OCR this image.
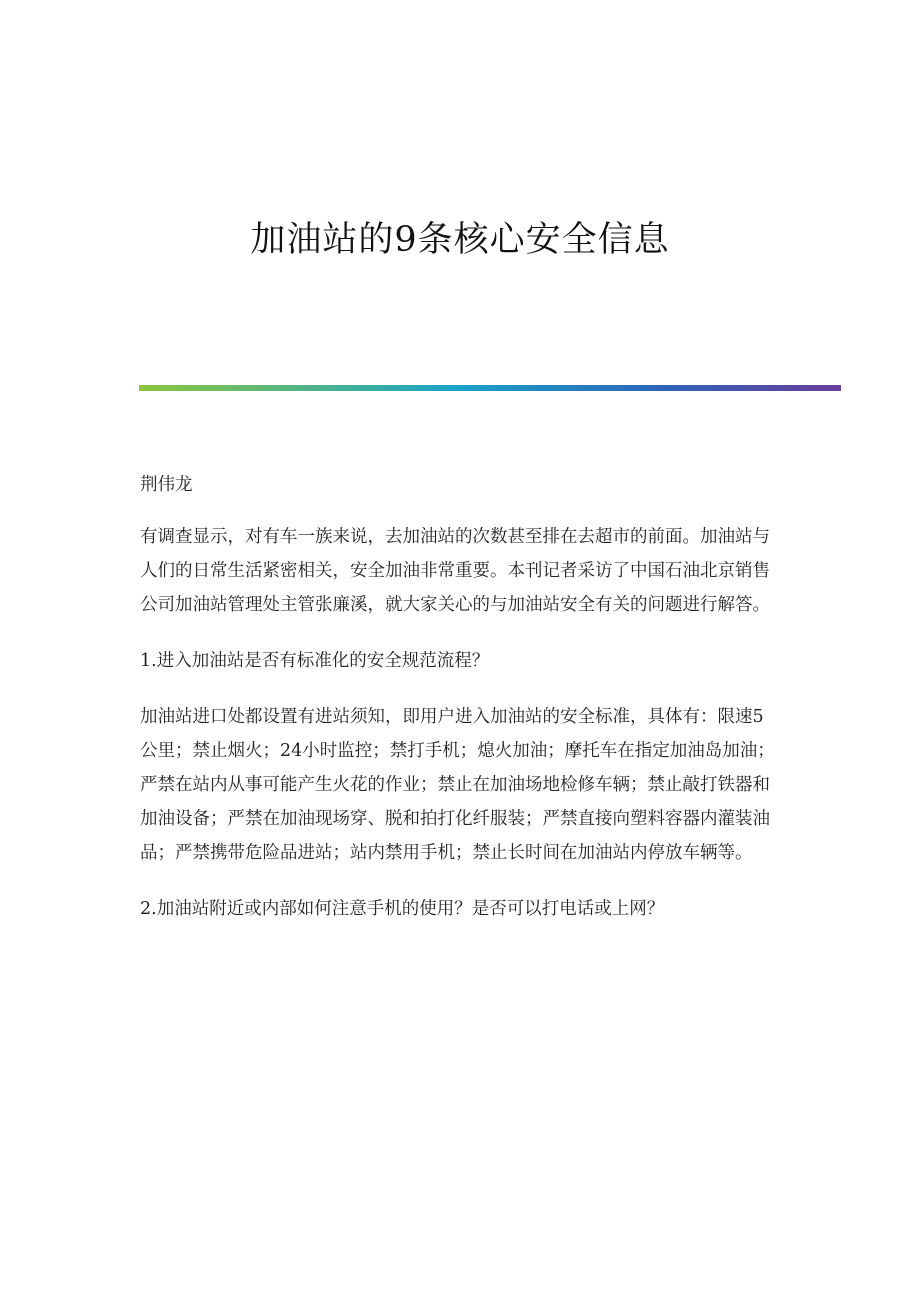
加油站的9条核心安全信息

荆伟龙

有调查显示，对有车一族来说，去加油站的次数甚至排在去超市的前面。加油站与人们的日常生活紧密相关，安全加油非常重要。本刊记者采访了中国石油北京销售公司加油站管理处主管张廉溪，就大家关心的与加油站安全有关的问题进行解答。

1.进入加油站是否有标准化的安全规范流程？

加油站进口处都设置有进站须知，即用户进入加油站的安全标准，具体有：限速5公里；禁止烟火；24小时监控；禁打手机；熄火加油；摩托车在指定加油岛加油；严禁在站内从事可能产生火花的作业；禁止在加油场地检修车辆；禁止敲打铁器和加油设备；严禁在加油现场穿、脱和拍打化纤服装；严禁直接向塑料容器内灌装油品；严禁携带危险品进站；站内禁用手机；禁止长时间在加油站内停放车辆等。

2.加油站附近或内部如何注意手机的使用？是否可以打电话或上网？
